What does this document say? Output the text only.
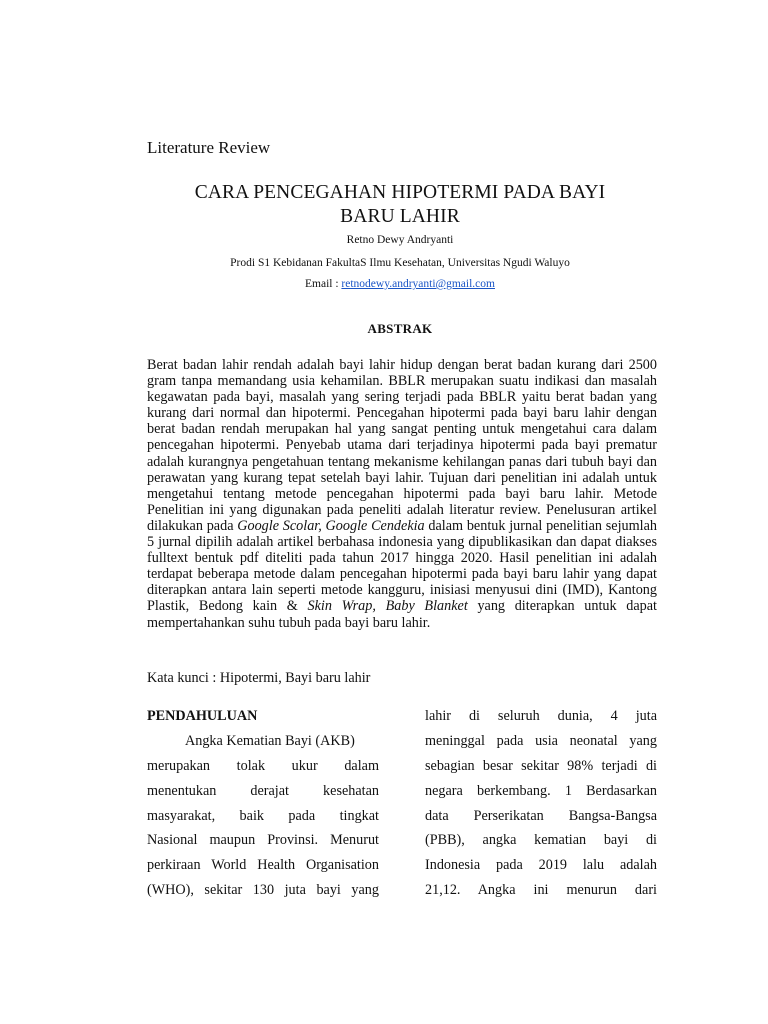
Literature Review
CARA PENCEGAHAN HIPOTERMI PADA BAYI
BARU LAHIR
Retno Dewy Andryanti
Prodi S1 Kebidanan FakultaS Ilmu Kesehatan, Universitas Ngudi Waluyo
Email : retnodewy.andryanti@gmail.com
ABSTRAK

Berat badan lahir rendah adalah bayi lahir hidup dengan berat badan kurang dari 2500 gram tanpa memandang usia kehamilan. BBLR merupakan suatu indikasi dan masalah kegawatan pada bayi, masalah yang sering terjadi pada BBLR yaitu berat badan yang kurang dari normal dan hipotermi. Pencegahan hipotermi pada bayi baru lahir dengan berat badan rendah merupakan hal yang sangat penting untuk mengetahui cara dalam pencegahan hipotermi. Penyebab utama dari terjadinya hipotermi pada bayi prematur adalah kurangnya pengetahuan tentang mekanisme kehilangan panas dari tubuh bayi dan perawatan yang kurang tepat setelah bayi lahir. Tujuan dari penelitian ini adalah untuk mengetahui tentang metode pencegahan hipotermi pada bayi baru lahir. Metode Penelitian ini yang digunakan pada peneliti adalah literatur review. Penelusuran artikel dilakukan pada Google Scolar, Google Cendekia dalam bentuk jurnal penelitian sejumlah 5 jurnal dipilih adalah artikel berbahasa indonesia yang dipublikasikan dan dapat diakses fulltext bentuk pdf diteliti pada tahun 2017 hingga 2020. Hasil penelitian ini adalah terdapat beberapa metode dalam pencegahan hipotermi pada bayi baru lahir yang dapat diterapkan antara lain seperti metode kangguru, inisiasi menyusui dini (IMD), Kantong Plastik, Bedong kain & Skin Wrap, Baby Blanket yang diterapkan untuk dapat mempertahankan suhu tubuh pada bayi baru lahir.

Kata kunci : Hipotermi, Bayi baru lahir
PENDAHULUAN
Angka Kematian Bayi (AKB)
merupakan tolak ukur dalam
menentukan derajat kesehatan
masyarakat, baik pada tingkat
Nasional maupun Provinsi. Menurut
perkiraan World Health Organisation
(WHO), sekitar 130 juta bayi yang
lahir di seluruh dunia, 4 juta
meninggal pada usia neonatal yang
sebagian besar sekitar 98% terjadi di
negara berkembang. 1 Berdasarkan
data Perserikatan Bangsa-Bangsa
(PBB), angka kematian bayi di
Indonesia pada 2019 lalu adalah
21,12. Angka ini menurun dari
